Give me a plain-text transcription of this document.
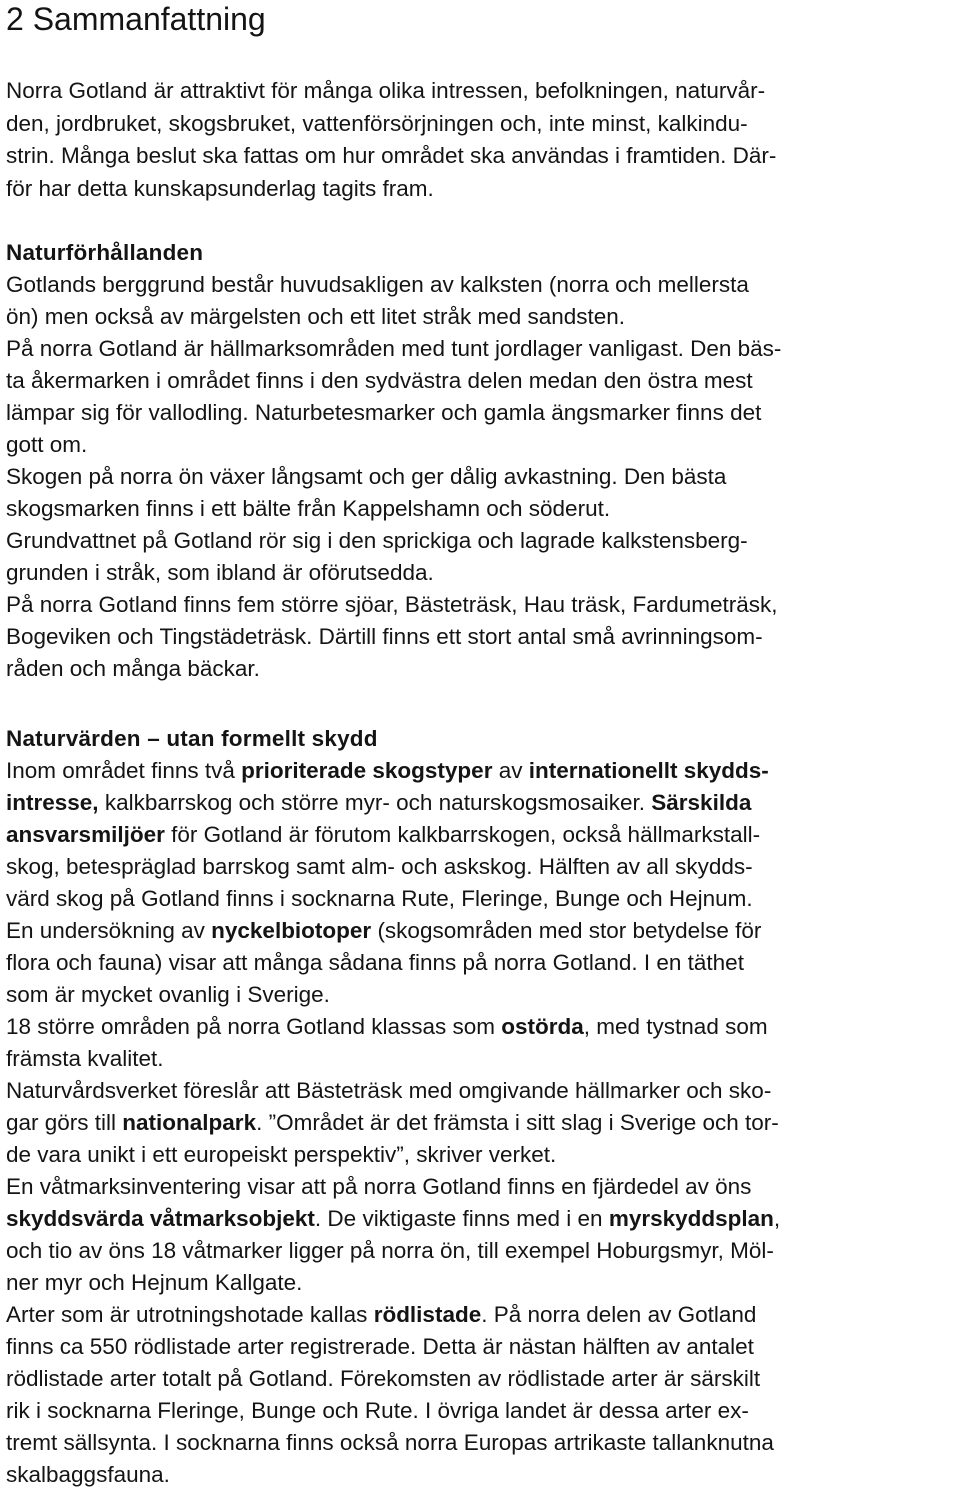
2 Sammanfattning
Norra Gotland är attraktivt för många olika intressen, befolkningen, naturvår-
den, jordbruket, skogsbruket, vattenförsörjningen och, inte minst, kalkindu-
strin. Många beslut ska fattas om hur området ska användas i framtiden. Där-
för har detta kunskapsunderlag tagits fram.
Naturförhållanden
Gotlands berggrund består huvudsakligen av kalksten (norra och mellersta
ön) men också av märgelsten och ett litet stråk med sandsten.
På norra Gotland är hällmarksområden med tunt jordlager vanligast. Den bäs-
ta åkermarken i området finns i den sydvästra delen medan den östra mest
lämpar sig för vallodling. Naturbetesmarker och gamla ängsmarker finns det
gott om.
Skogen på norra ön växer långsamt och ger dålig avkastning. Den bästa
skogsmarken finns i ett bälte från Kappelshamn och söderut.
Grundvattnet på Gotland rör sig i den sprickiga och lagrade kalkstensberg-
grunden i stråk, som ibland är oförutsedda.
På norra Gotland finns fem större sjöar, Bästeträsk, Hau träsk, Fardumeträsk,
Bogeviken och Tingstädeträsk. Därtill finns ett stort antal små avrinningsom-
råden och många bäckar.
Naturvärden – utan formellt skydd
Inom området finns två prioriterade skogstyper av internationellt skydds-
intresse, kalkbarrskog och större myr- och naturskogsmosaiker. Särskilda
ansvarsmiljöer för Gotland är förutom kalkbarrskogen, också hällmarkstall-
skog, betespräglad barrskog samt alm- och askskog. Hälften av all skydds-
värd skog på Gotland finns i socknarna Rute, Fleringe, Bunge och Hejnum.
En undersökning av nyckelbiotoper (skogsområden med stor betydelse för
flora och fauna) visar att många sådana finns på norra Gotland. I en täthet
som är mycket ovanlig i Sverige.
18 större områden på norra Gotland klassas som ostörda, med tystnad som
främsta kvalitet.
Naturvårdsverket föreslår att Bästeträsk med omgivande hällmarker och sko-
gar görs till nationalpark. ”Området är det främsta i sitt slag i Sverige och tor-
de vara unikt i ett europeiskt perspektiv”, skriver verket.
En våtmarksinventering visar att på norra Gotland finns en fjärdedel av öns
skyddsvärda våtmarksobjekt. De viktigaste finns med i en myrskyddsplan,
och tio av öns 18 våtmarker ligger på norra ön, till exempel Hoburgsmyr, Möl-
ner myr och Hejnum Kallgate.
Arter som är utrotningshotade kallas rödlistade. På norra delen av Gotland
finns ca 550 rödlistade arter registrerade. Detta är nästan hälften av antalet
rödlistade arter totalt på Gotland. Förekomsten av rödlistade arter är särskilt
rik i socknarna Fleringe, Bunge och Rute. I övriga landet är dessa arter ex-
tremt sällsynta. I socknarna finns också norra Europas artrikaste tallanknutna
skalbaggsfauna.
